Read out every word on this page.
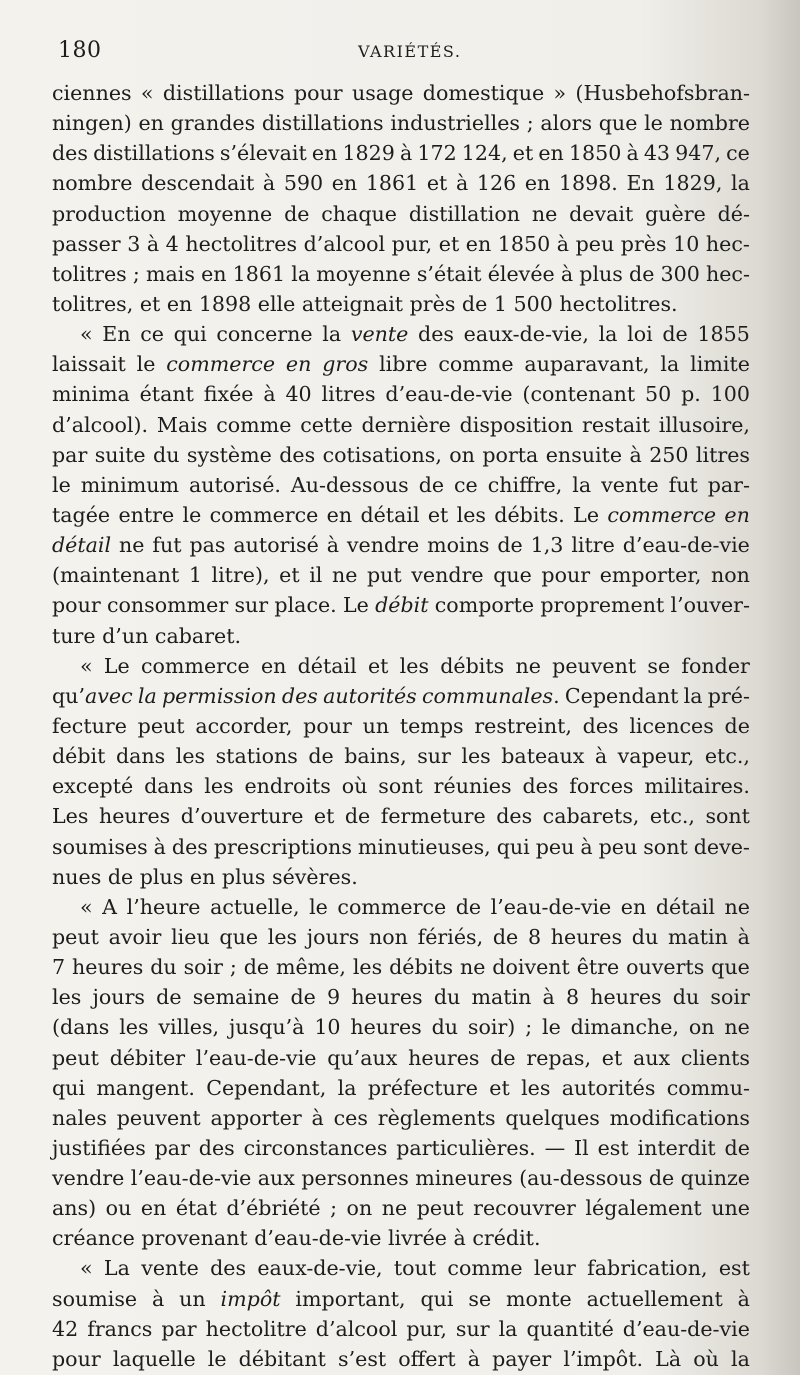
180	VARIÉTÉS.
ciennes « distillations pour usage domestique » (Husbehofsbran-
ningen) en grandes distillations industrielles ; alors que le nombre
des distillations s’élevait en 1829 à 172 124, et en 1850 à 43 947, ce
nombre descendait à 590 en 1861 et à 126 en 1898. En 1829, la
production moyenne de chaque distillation ne devait guère dé-
passer 3 à 4 hectolitres d’alcool pur, et en 1850 à peu près 10 hec-
tolitres ; mais en 1861 la moyenne s’était élevée à plus de 300 hec-
tolitres, et en 1898 elle atteignait près de 1 500 hectolitres.
« En ce qui concerne la vente des eaux-de-vie, la loi de 1855
laissait le commerce en gros libre comme auparavant, la limite
minima étant fixée à 40 litres d’eau-de-vie (contenant 50 p. 100
d’alcool). Mais comme cette dernière disposition restait illusoire,
par suite du système des cotisations, on porta ensuite à 250 litres
le minimum autorisé. Au-dessous de ce chiffre, la vente fut par-
tagée entre le commerce en détail et les débits. Le commerce en
détail ne fut pas autorisé à vendre moins de 1,3 litre d’eau-de-vie
(maintenant 1 litre), et il ne put vendre que pour emporter, non
pour consommer sur place. Le débit comporte proprement l’ouver-
ture d’un cabaret.
« Le commerce en détail et les débits ne peuvent se fonder
qu’avec la permission des autorités communales. Cependant la pré-
fecture peut accorder, pour un temps restreint, des licences de
débit dans les stations de bains, sur les bateaux à vapeur, etc.,
excepté dans les endroits où sont réunies des forces militaires.
Les heures d’ouverture et de fermeture des cabarets, etc., sont
soumises à des prescriptions minutieuses, qui peu à peu sont deve-
nues de plus en plus sévères.
« A l’heure actuelle, le commerce de l’eau-de-vie en détail ne
peut avoir lieu que les jours non fériés, de 8 heures du matin à
7 heures du soir ; de même, les débits ne doivent être ouverts que
les jours de semaine de 9 heures du matin à 8 heures du soir
(dans les villes, jusqu’à 10 heures du soir) ; le dimanche, on ne
peut débiter l’eau-de-vie qu’aux heures de repas, et aux clients
qui mangent. Cependant, la préfecture et les autorités commu-
nales peuvent apporter à ces règlements quelques modifications
justifiées par des circonstances particulières. — Il est interdit de
vendre l’eau-de-vie aux personnes mineures (au-dessous de quinze
ans) ou en état d’ébriété ; on ne peut recouvrer légalement une
créance provenant d’eau-de-vie livrée à crédit.
« La vente des eaux-de-vie, tout comme leur fabrication, est
soumise à un impôt important, qui se monte actuellement à
42 francs par hectolitre d’alcool pur, sur la quantité d’eau-de-vie
pour laquelle le débitant s’est offert à payer l’impôt. Là où la
